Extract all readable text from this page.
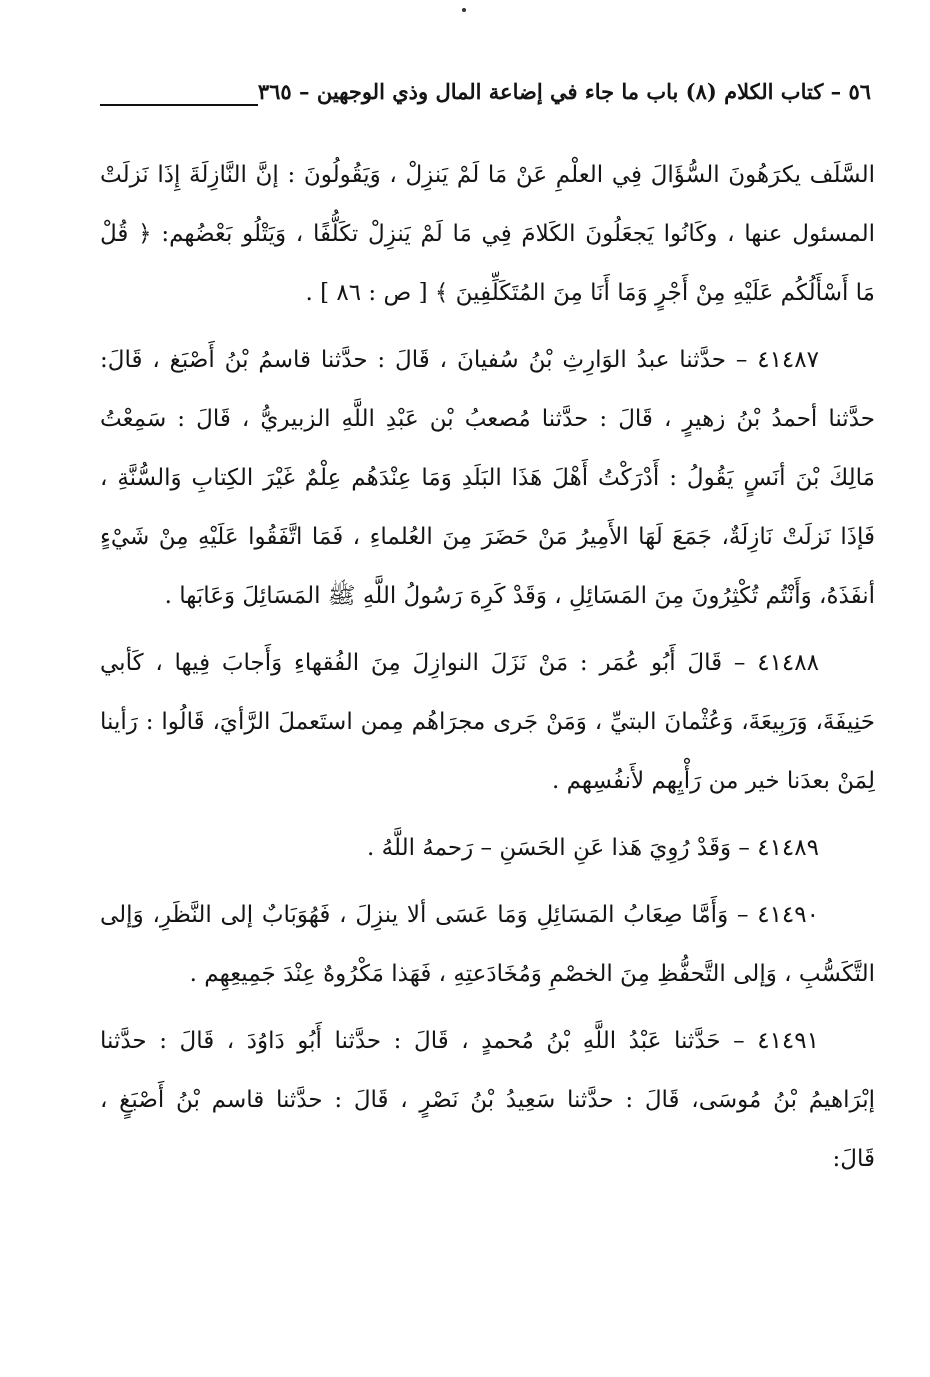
٥٦ – كتاب الكلام (٨) باب ما جاء في إضاعة المال وذي الوجهين – ٣٦٥
السَّلَف يكرَهُونَ السُّؤَالَ فِي العلْمِ عَنْ مَا لَمْ يَنزِلْ ، وَيَقُولُونَ : إنَّ النَّازِلَةَ إِذَا نَزلَتْ
المسئول عنها ، وكَانُوا يَجعَلُونَ الكَلامَ فِي مَا لَمْ يَنزِلْ تكَلُّفًا ، وَيَتْلُو بَعْضُهم: ﴿ قُلْ
مَا أَسْأَلُكُم عَلَيْهِ مِنْ أَجْرٍ وَمَا أَنَا مِنَ المُتَكَلِّفِينَ ﴾ [ ص : ٨٦ ] .
٤١٤٨٧ – حدَّثنا عبدُ الوَارِثِ بْنُ سُفيانَ ، قَالَ : حدَّثنا قاسمُ بْنُ أَصْبَغ ، قَالَ:
حدَّثنا أحمدُ بْنُ زهيرٍ ، قَالَ : حدَّثنا مُصعبُ بْن عَبْدِ اللَّهِ الزبيريُّ ، قَالَ : سَمِعْتُ
مَالِكَ بْنَ أنَسٍ يَقُولُ : أَدْرَكْتُ أَهْلَ هَذَا البَلَدِ وَمَا عِنْدَهُم عِلْمٌ غَيْرَ الكِتابِ وَالسُّنَّةِ ،
فَإذَا نَزلَتْ نَازِلَةٌ، جَمَعَ لَهَا الأَمِيرُ مَنْ حَضَرَ مِنَ العُلماءِ ، فَمَا اتَّفَقُوا عَلَيْهِ مِنْ شَيْءٍ
أنفَذَهُ، وَأَنْتُم تُكْثِرُونَ مِنَ المَسَائِلِ ، وَقَدْ كَرِهَ رَسُولُ اللَّهِ ﷺ المَسَائِلَ وَعَابَها .
٤١٤٨٨ – قَالَ أَبُو عُمَر : مَنْ نَزَلَ النوازِلَ مِنَ الفُقهاءِ وَأَجابَ فِيها ، كَأبي
حَنِيفَةَ، وَرَبِيعَةَ، وَعُثْمانَ البتيِّ ، وَمَنْ جَرى مجرَاهُم مِمن استَعملَ الرَّأيَ، قَالُوا : رَأينا
لِمَنْ بعدَنا خير من رَأْيِهم لأَنفُسِهم .
٤١٤٨٩ – وَقَدْ رُوِيَ هَذا عَنِ الحَسَنِ – رَحمهُ اللَّهُ .
٤١٤٩٠ – وَأَمَّا صِعَابُ المَسَائِلِ وَمَا عَسَى ألا ينزِلَ ، فَهُوَبَابٌ إلى النَّظَرِ، وَإلى
التَّكَسُّبِ ، وَإلى التَّحفُّظِ مِنَ الخصْمِ وَمُخَادَعتِهِ ، فَهَذا مَكْرُوهٌ عِنْدَ جَمِيعِهِم .
٤١٤٩١ – حَدَّثنا عَبْدُ اللَّهِ بْنُ مُحمدٍ ، قَالَ : حدَّثنا أَبُو دَاوُدَ ، قَالَ : حدَّثنا
إبْرَاهيمُ بْنُ مُوسَى، قَالَ : حدَّثنا سَعِيدُ بْنُ نَصْرٍ ، قَالَ : حدَّثنا قاسم بْنُ أَصْبَغٍ ،
قَالَ:
